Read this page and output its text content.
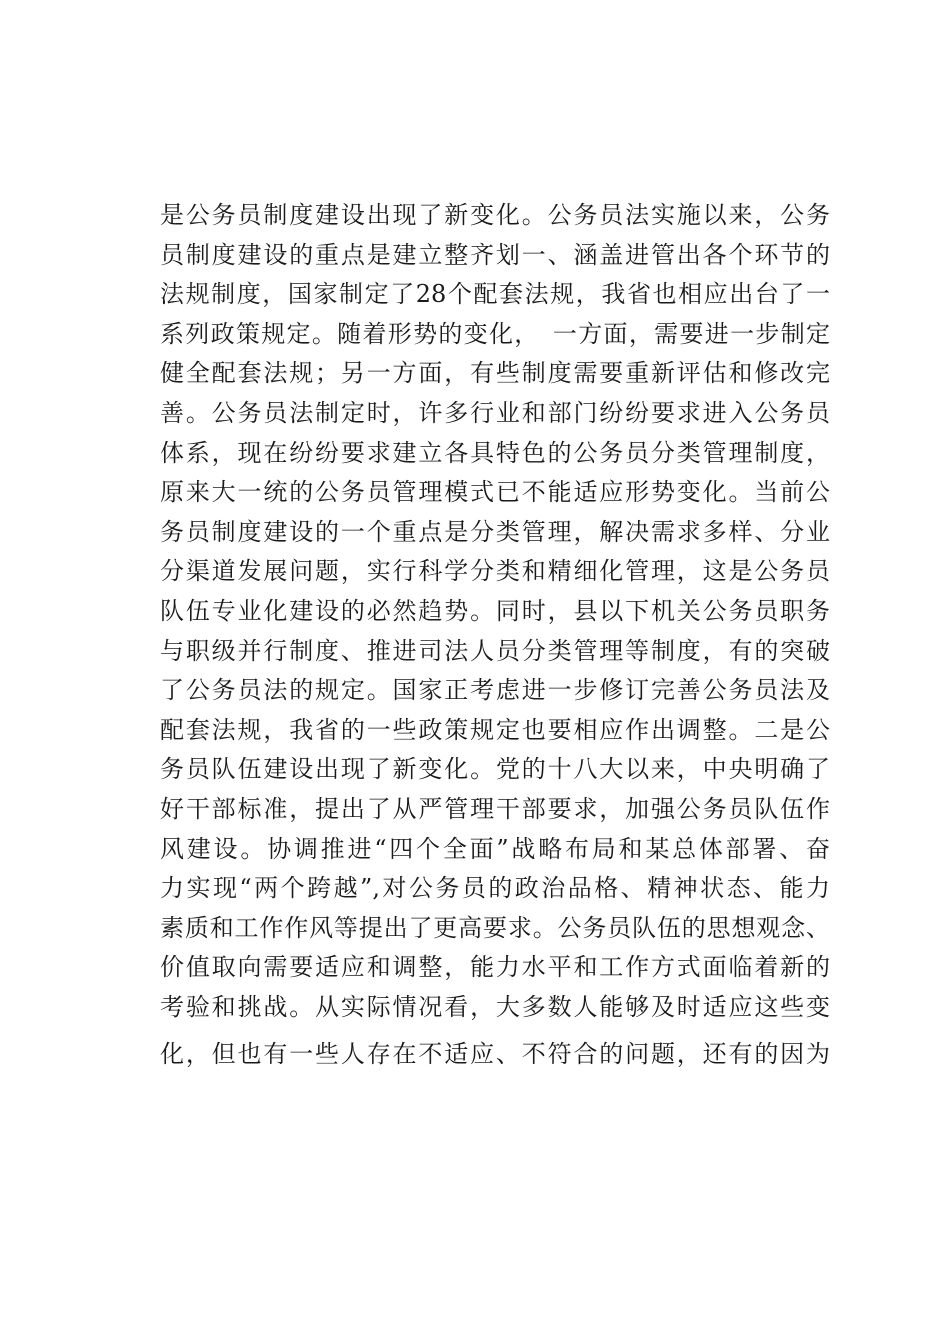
是公务员制度建设出现了新变化。公务员法实施以来，公务
员制度建设的重点是建立整齐划一、涵盖进管出各个环节的
法规制度，国家制定了28个配套法规，我省也相应出台了一
系列政策规定。随着形势的变化，　一方面，需要进一步制定
健全配套法规；另一方面，有些制度需要重新评估和修改完
善。公务员法制定时，许多行业和部门纷纷要求进入公务员
体系，现在纷纷要求建立各具特色的公务员分类管理制度，
原来大一统的公务员管理模式已不能适应形势变化。当前公
务员制度建设的一个重点是分类管理，解决需求多样、分业
分渠道发展问题，实行科学分类和精细化管理，这是公务员
队伍专业化建设的必然趋势。同时，县以下机关公务员职务
与职级并行制度、推进司法人员分类管理等制度，有的突破
了公务员法的规定。国家正考虑进一步修订完善公务员法及
配套法规，我省的一些政策规定也要相应作出调整。二是公
务员队伍建设出现了新变化。党的十八大以来，中央明确了
好干部标准，提出了从严管理干部要求，加强公务员队伍作
风建设。协调推进“四个全面”战略布局和某总体部署、奋
力实现“两个跨越”,对公务员的政治品格、精神状态、能力
素质和工作作风等提出了更高要求。公务员队伍的思想观念、
价值取向需要适应和调整，能力水平和工作方式面临着新的
考验和挑战。从实际情况看，大多数人能够及时适应这些变
化，但也有一些人存在不适应、不符合的问题，还有的因为
